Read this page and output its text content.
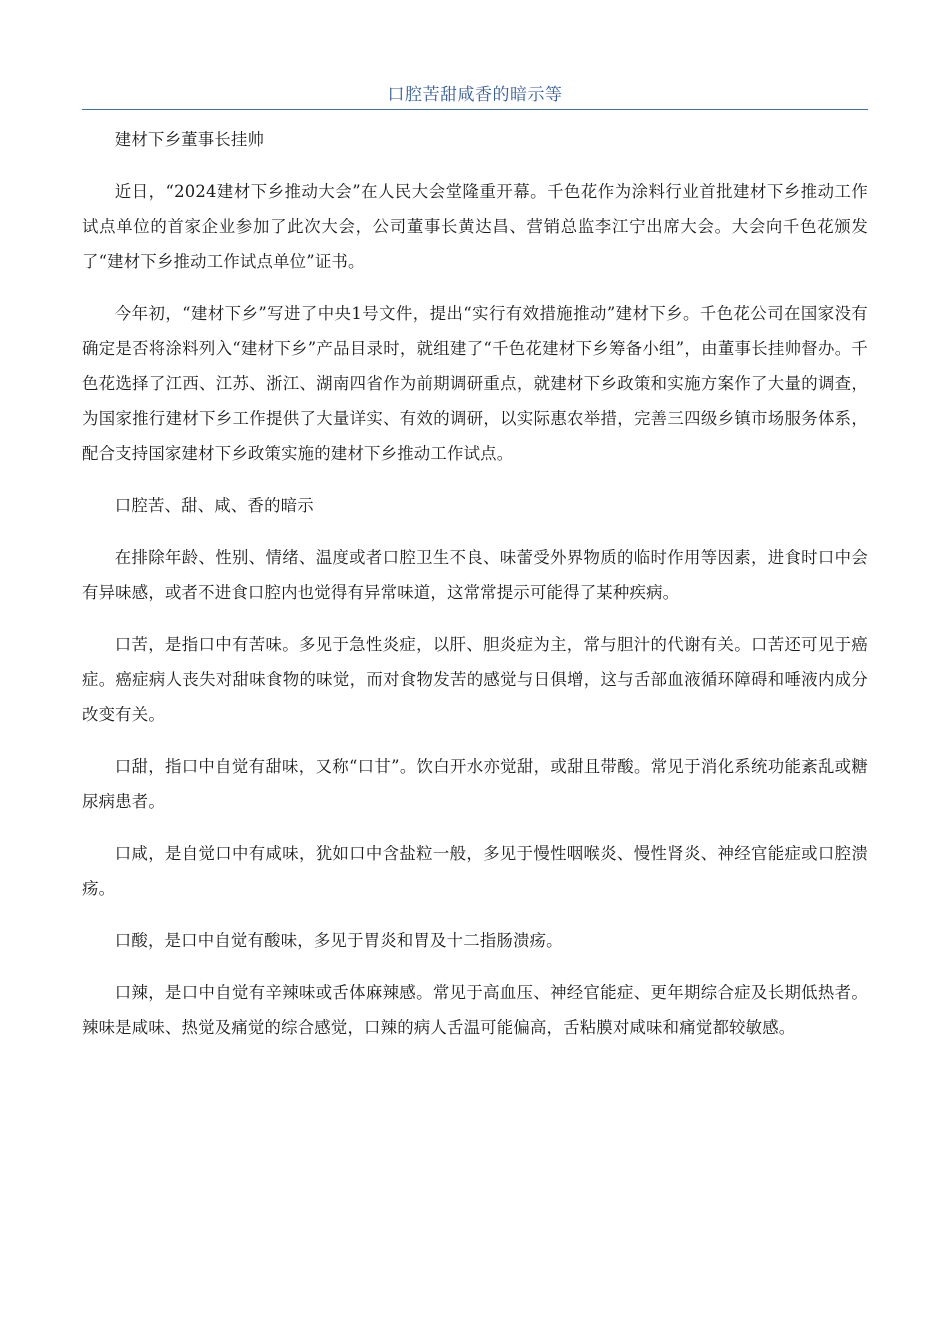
口腔苦甜咸香的暗示等

建材下乡董事长挂帅

近日，“2024建材下乡推动大会”在人民大会堂隆重开幕。千色花作为涂料行业首批建材下乡推动工作试点单位的首家企业参加了此次大会，公司董事长黄达昌、营销总监李江宁出席大会。大会向千色花颁发了“建材下乡推动工作试点单位”证书。

今年初，“建材下乡”写进了中央1号文件，提出“实行有效措施推动”建材下乡。千色花公司在国家没有确定是否将涂料列入“建材下乡”产品目录时，就组建了“千色花建材下乡筹备小组”，由董事长挂帅督办。千色花选择了江西、江苏、浙江、湖南四省作为前期调研重点，就建材下乡政策和实施方案作了大量的调查，为国家推行建材下乡工作提供了大量详实、有效的调研，以实际惠农举措，完善三四级乡镇市场服务体系，配合支持国家建材下乡政策实施的建材下乡推动工作试点。

口腔苦、甜、咸、香的暗示

在排除年龄、性别、情绪、温度或者口腔卫生不良、味蕾受外界物质的临时作用等因素，进食时口中会有异味感，或者不进食口腔内也觉得有异常味道，这常常提示可能得了某种疾病。

口苦，是指口中有苦味。多见于急性炎症，以肝、胆炎症为主，常与胆汁的代谢有关。口苦还可见于癌症。癌症病人丧失对甜味食物的味觉，而对食物发苦的感觉与日俱增，这与舌部血液循环障碍和唾液内成分改变有关。

口甜，指口中自觉有甜味，又称“口甘”。饮白开水亦觉甜，或甜且带酸。常见于消化系统功能紊乱或糖尿病患者。

口咸，是自觉口中有咸味，犹如口中含盐粒一般，多见于慢性咽喉炎、慢性肾炎、神经官能症或口腔溃疡。

口酸，是口中自觉有酸味，多见于胃炎和胃及十二指肠溃疡。

口辣，是口中自觉有辛辣味或舌体麻辣感。常见于高血压、神经官能症、更年期综合症及长期低热者。辣味是咸味、热觉及痛觉的综合感觉，口辣的病人舌温可能偏高，舌粘膜对咸味和痛觉都较敏感。
